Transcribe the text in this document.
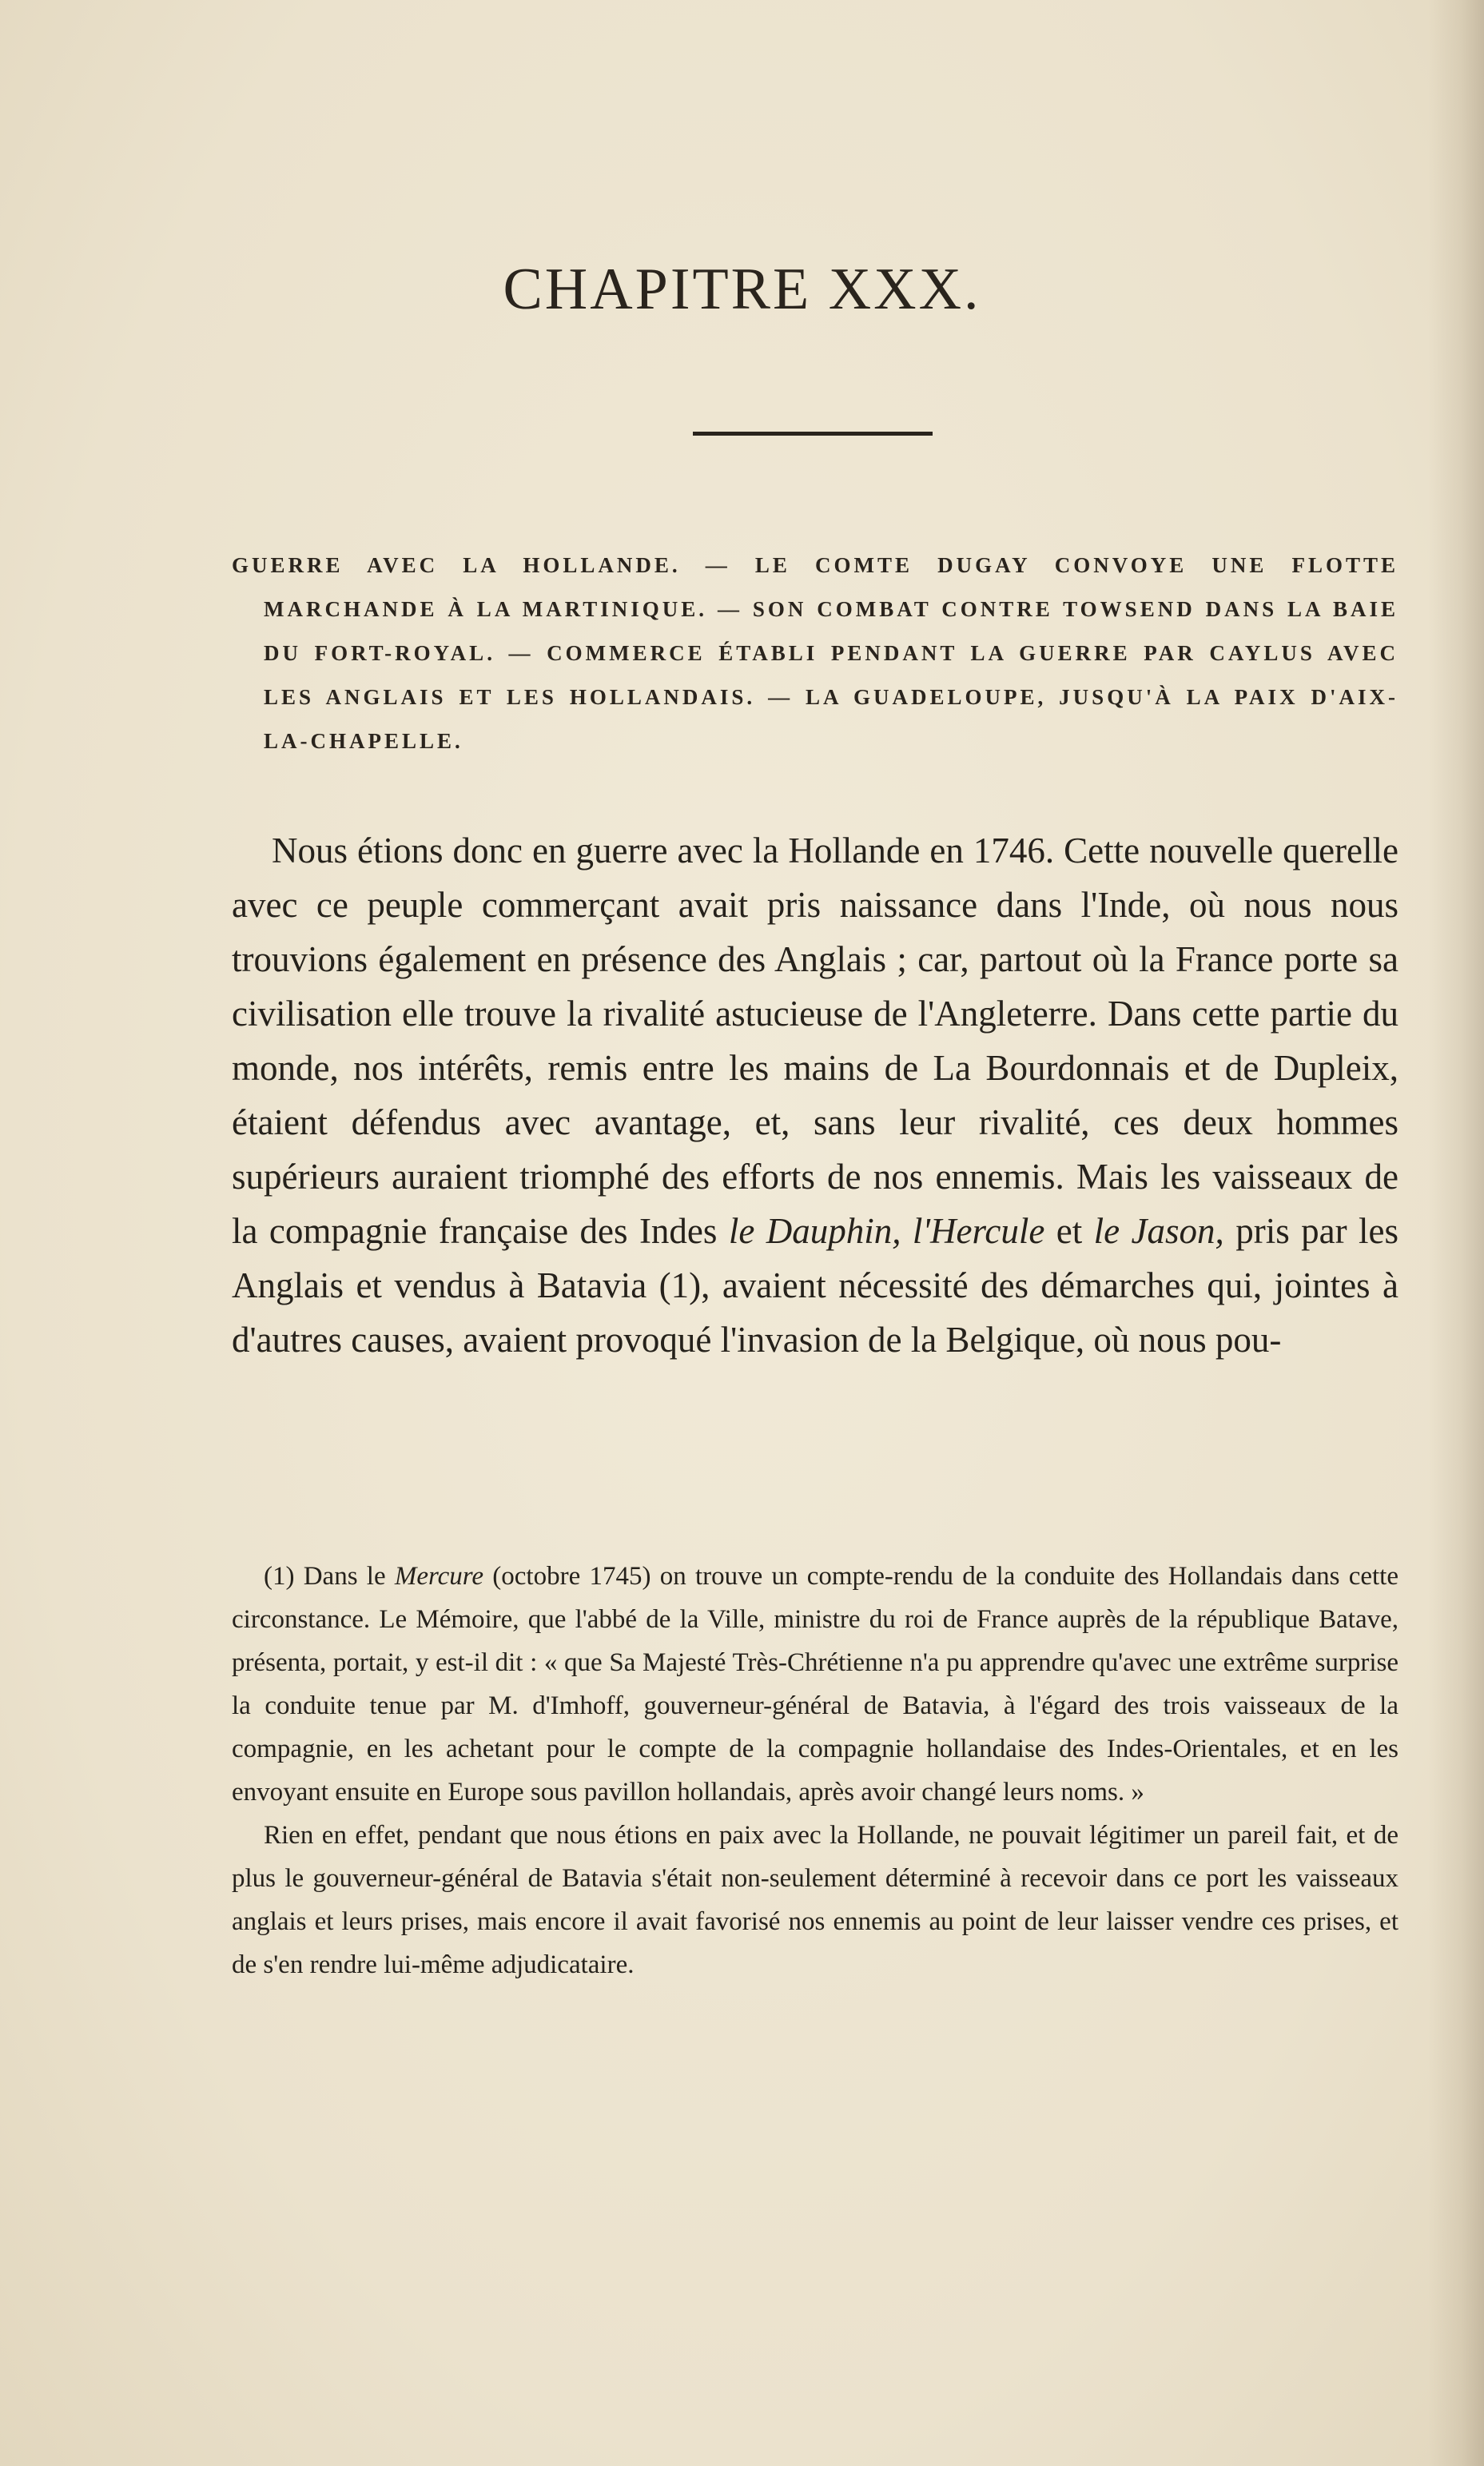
CHAPITRE XXX.
GUERRE AVEC LA HOLLANDE. — LE COMTE DUGAY CONVOYE UNE FLOTTE MARCHANDE À LA MARTINIQUE. — SON COMBAT CONTRE TOWSEND DANS LA BAIE DU FORT-ROYAL. — COMMERCE ÉTABLI PENDANT LA GUERRE PAR CAYLUS AVEC LES ANGLAIS ET LES HOLLANDAIS. — LA GUADELOUPE, JUSQU'À LA PAIX D'AIX-LA-CHAPELLE.
Nous étions donc en guerre avec la Hollande en 1746. Cette nouvelle querelle avec ce peuple commerçant avait pris naissance dans l'Inde, où nous nous trouvions également en présence des Anglais ; car, partout où la France porte sa civilisation elle trouve la rivalité astucieuse de l'Angleterre. Dans cette partie du monde, nos intérêts, remis entre les mains de La Bourdonnais et de Dupleix, étaient défendus avec avantage, et, sans leur rivalité, ces deux hommes supérieurs auraient triomphé des efforts de nos ennemis. Mais les vaisseaux de la compagnie française des Indes le Dauphin, l'Hercule et le Jason, pris par les Anglais et vendus à Batavia (1), avaient nécessité des démarches qui, jointes à d'autres causes, avaient provoqué l'invasion de la Belgique, où nous pou-

(1) Dans le Mercure (octobre 1745) on trouve un compte-rendu de la conduite des Hollandais dans cette circonstance. Le Mémoire, que l'abbé de la Ville, ministre du roi de France auprès de la république Batave, présenta, portait, y est-il dit : « que Sa Majesté Très-Chrétienne n'a pu apprendre qu'avec une extrême surprise la conduite tenue par M. d'Imhoff, gouverneur-général de Batavia, à l'égard des trois vaisseaux de la compagnie, en les achetant pour le compte de la compagnie hollandaise des Indes-Orientales, et en les envoyant ensuite en Europe sous pavillon hollandais, après avoir changé leurs noms. »

Rien en effet, pendant que nous étions en paix avec la Hollande, ne pouvait légitimer un pareil fait, et de plus le gouverneur-général de Batavia s'était non-seulement déterminé à recevoir dans ce port les vaisseaux anglais et leurs prises, mais encore il avait favorisé nos ennemis au point de leur laisser vendre ces prises, et de s'en rendre lui-même adjudicataire.
